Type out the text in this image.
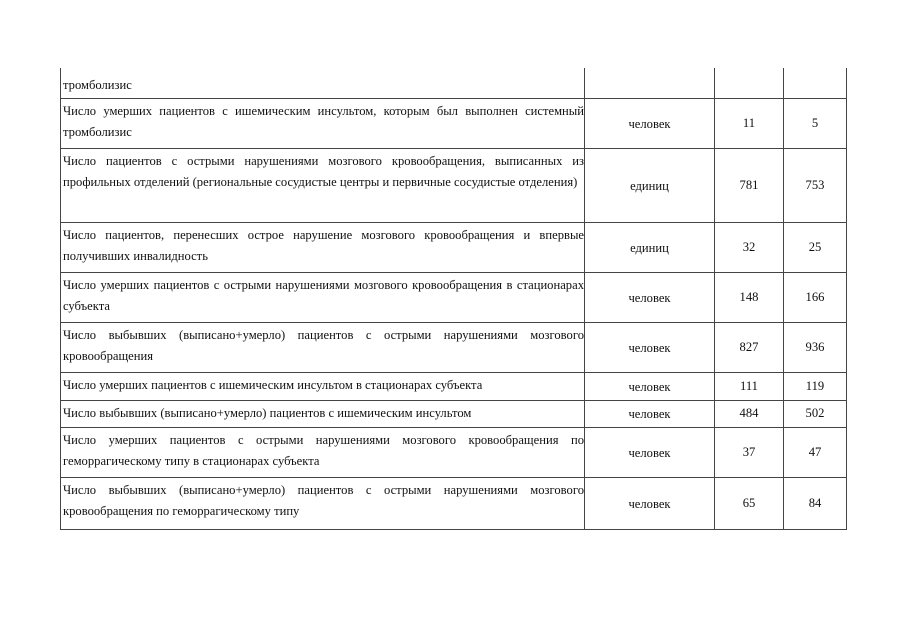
тромболизис			
Число умерших пациентов с ишемическим инсультом, которым был выполнен системный тромболизис	человек	11	5
Число пациентов с острыми нарушениями мозгового кровообращения, выписанных из профильных отделений (региональные сосудистые центры и первичные сосудистые отделения)	единиц	781	753
Число пациентов, перенесших острое нарушение мозгового кровообращения и впервые получивших инвалидность	единиц	32	25
Число умерших пациентов с острыми нарушениями мозгового кровообращения в стационарах субъекта	человек	148	166
Число выбывших (выписано+умерло) пациентов с острыми нарушениями мозгового кровообращения	человек	827	936
Число умерших пациентов с ишемическим инсультом в стационарах субъекта	человек	111	119
Число выбывших (выписано+умерло) пациентов с ишемическим инсультом	человек	484	502
Число умерших пациентов с острыми нарушениями мозгового кровообращения по геморрагическому типу в стационарах субъекта	человек	37	47
Число выбывших (выписано+умерло) пациентов с острыми нарушениями мозгового кровообращения по геморрагическому типу	человек	65	84
